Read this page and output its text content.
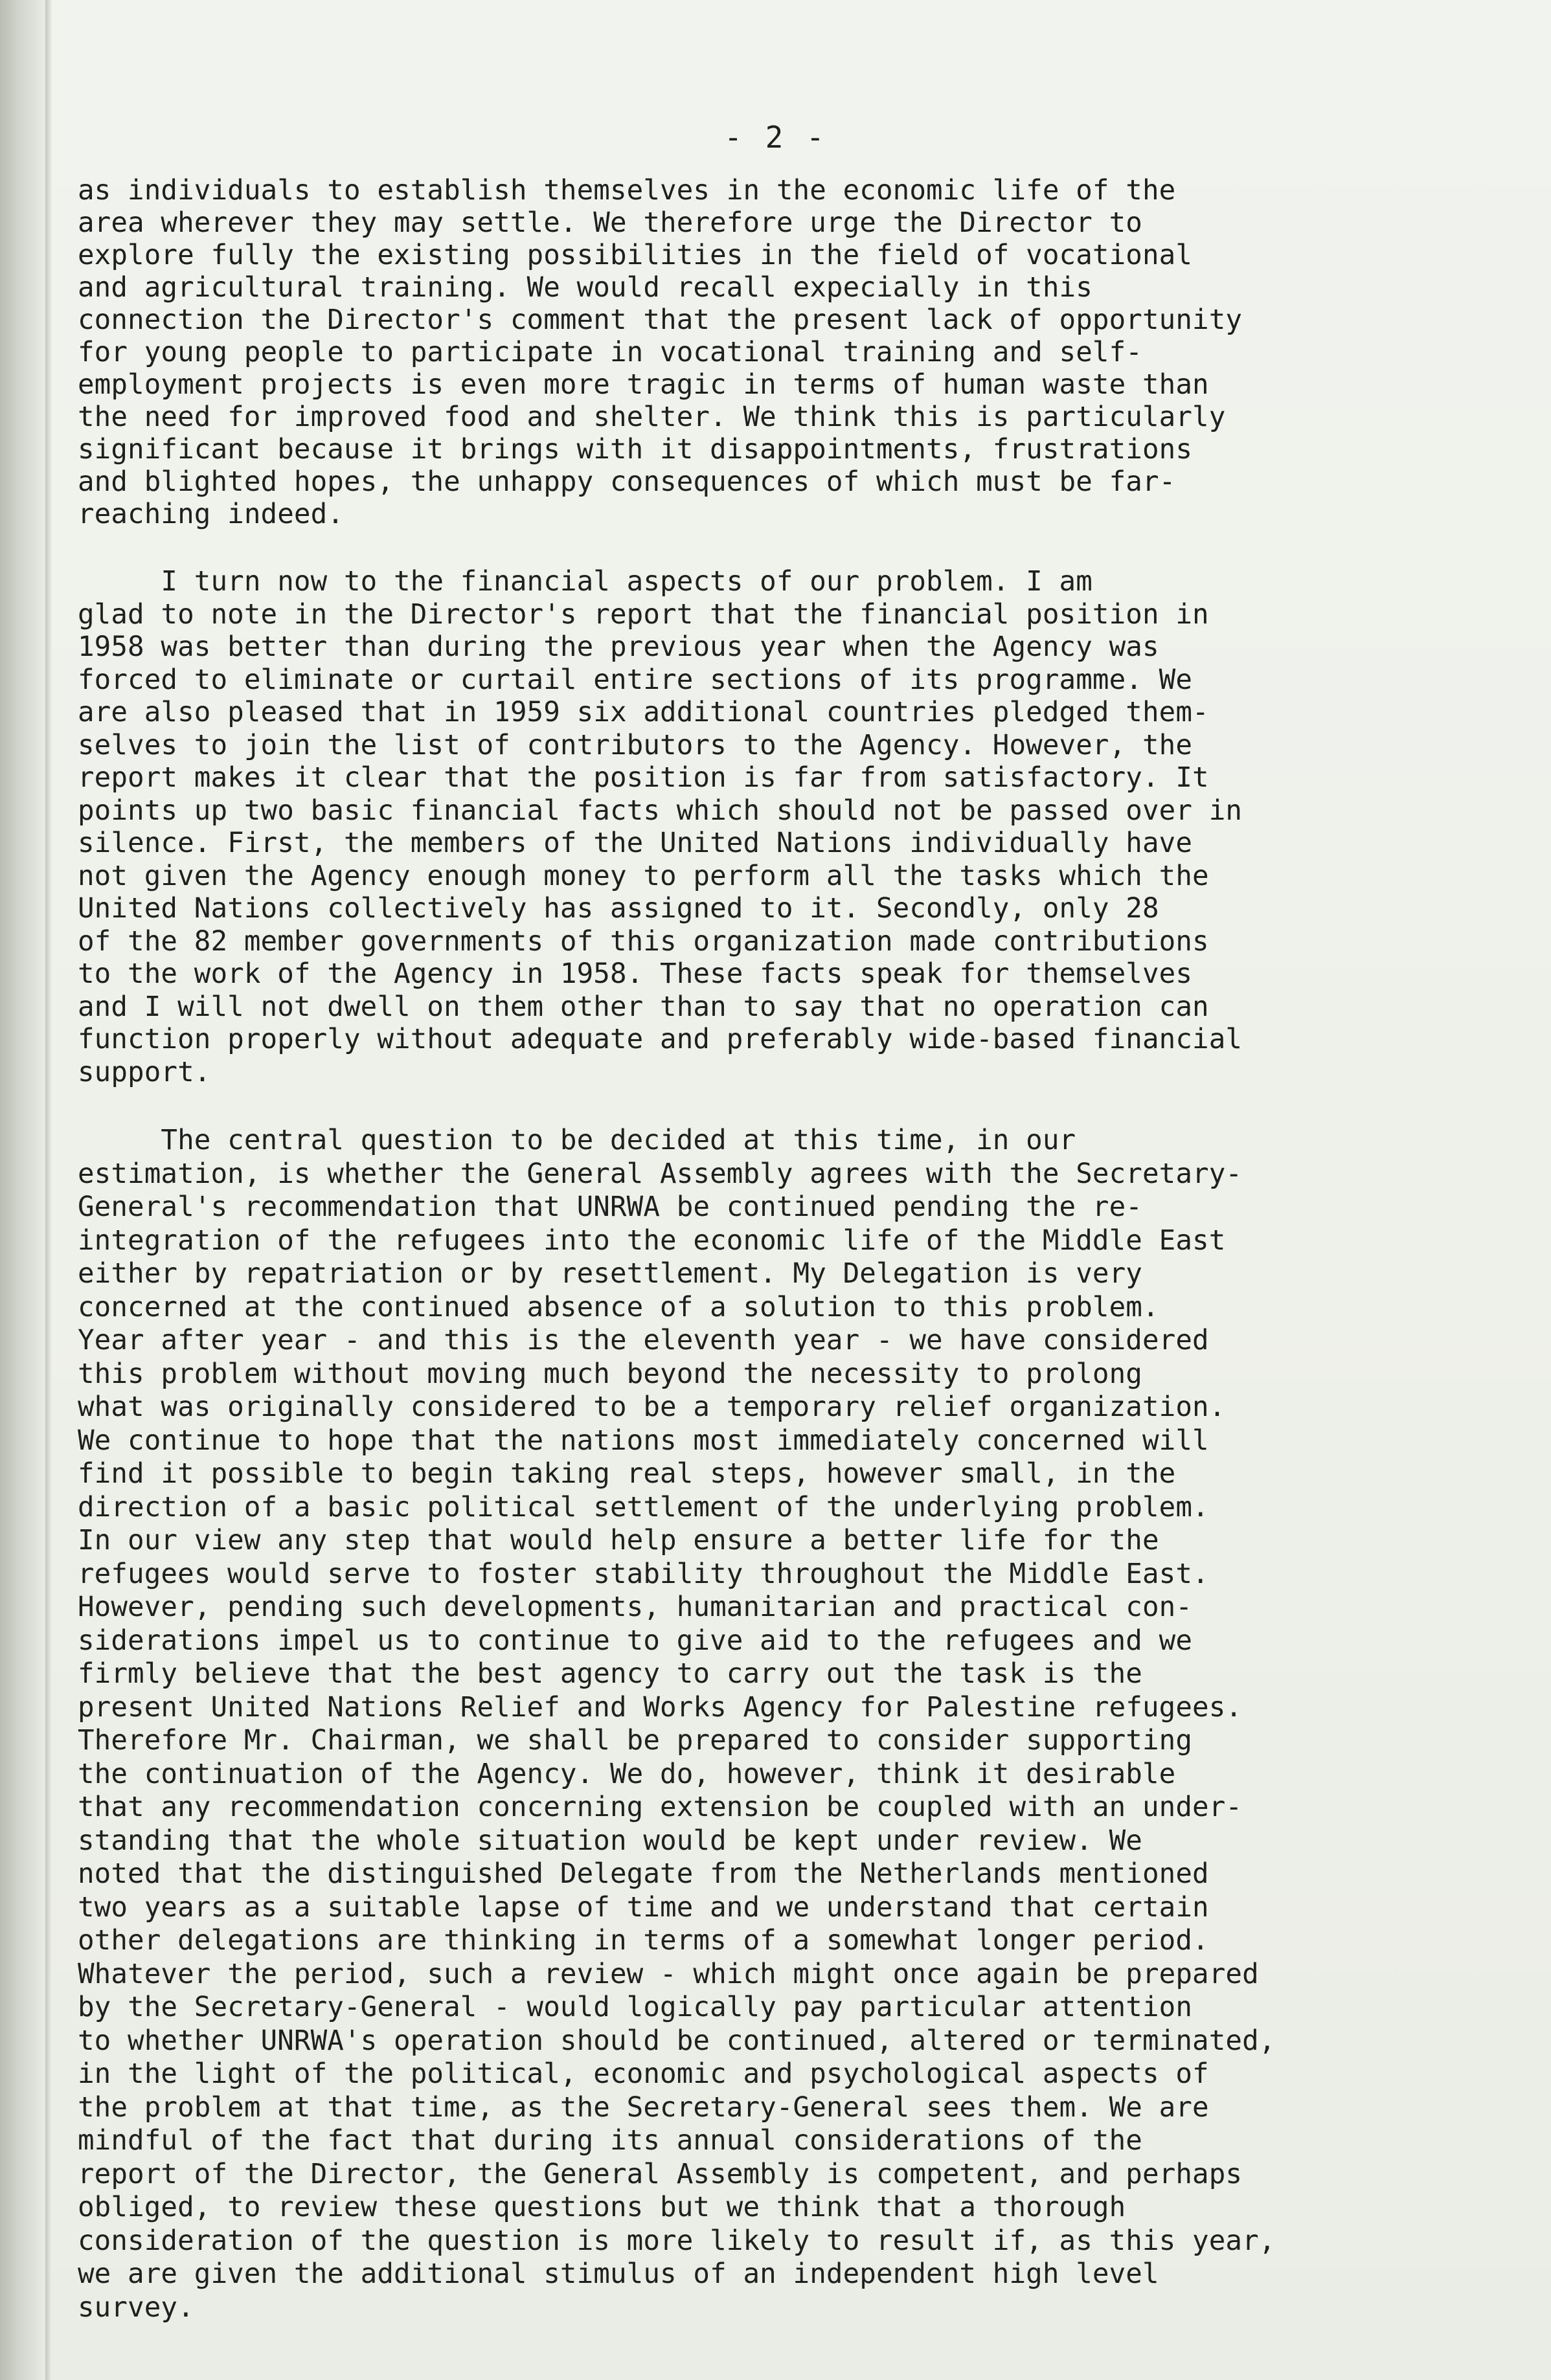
- 2 -
as individuals to establish themselves in the economic life of the
area wherever they may settle. We therefore urge the Director to
explore fully the existing possibilities in the field of vocational
and agricultural training. We would recall expecially in this
connection the Director's comment that the present lack of opportunity
for young people to participate in vocational training and self-
employment projects is even more tragic in terms of human waste than
the need for improved food and shelter. We think this is particularly
significant because it brings with it disappointments, frustrations
and blighted hopes, the unhappy consequences of which must be far-
reaching indeed.
I turn now to the financial aspects of our problem. I am
glad to note in the Director's report that the financial position in
1958 was better than during the previous year when the Agency was
forced to eliminate or curtail entire sections of its programme. We
are also pleased that in 1959 six additional countries pledged them-
selves to join the list of contributors to the Agency. However, the
report makes it clear that the position is far from satisfactory. It
points up two basic financial facts which should not be passed over in
silence. First, the members of the United Nations individually have
not given the Agency enough money to perform all the tasks which the
United Nations collectively has assigned to it. Secondly, only 28
of the 82 member governments of this organization made contributions
to the work of the Agency in 1958. These facts speak for themselves
and I will not dwell on them other than to say that no operation can
function properly without adequate and preferably wide-based financial
support.
The central question to be decided at this time, in our
estimation, is whether the General Assembly agrees with the Secretary-
General's recommendation that UNRWA be continued pending the re-
integration of the refugees into the economic life of the Middle East
either by repatriation or by resettlement. My Delegation is very
concerned at the continued absence of a solution to this problem.
Year after year - and this is the eleventh year - we have considered
this problem without moving much beyond the necessity to prolong
what was originally considered to be a temporary relief organization.
We continue to hope that the nations most immediately concerned will
find it possible to begin taking real steps, however small, in the
direction of a basic political settlement of the underlying problem.
In our view any step that would help ensure a better life for the
refugees would serve to foster stability throughout the Middle East.
However, pending such developments, humanitarian and practical con-
siderations impel us to continue to give aid to the refugees and we
firmly believe that the best agency to carry out the task is the
present United Nations Relief and Works Agency for Palestine refugees.
Therefore Mr. Chairman, we shall be prepared to consider supporting
the continuation of the Agency. We do, however, think it desirable
that any recommendation concerning extension be coupled with an under-
standing that the whole situation would be kept under review. We
noted that the distinguished Delegate from the Netherlands mentioned
two years as a suitable lapse of time and we understand that certain
other delegations are thinking in terms of a somewhat longer period.
Whatever the period, such a review - which might once again be prepared
by the Secretary-General - would logically pay particular attention
to whether UNRWA's operation should be continued, altered or terminated,
in the light of the political, economic and psychological aspects of
the problem at that time, as the Secretary-General sees them. We are
mindful of the fact that during its annual considerations of the
report of the Director, the General Assembly is competent, and perhaps
obliged, to review these questions but we think that a thorough
consideration of the question is more likely to result if, as this year,
we are given the additional stimulus of an independent high level
survey.
